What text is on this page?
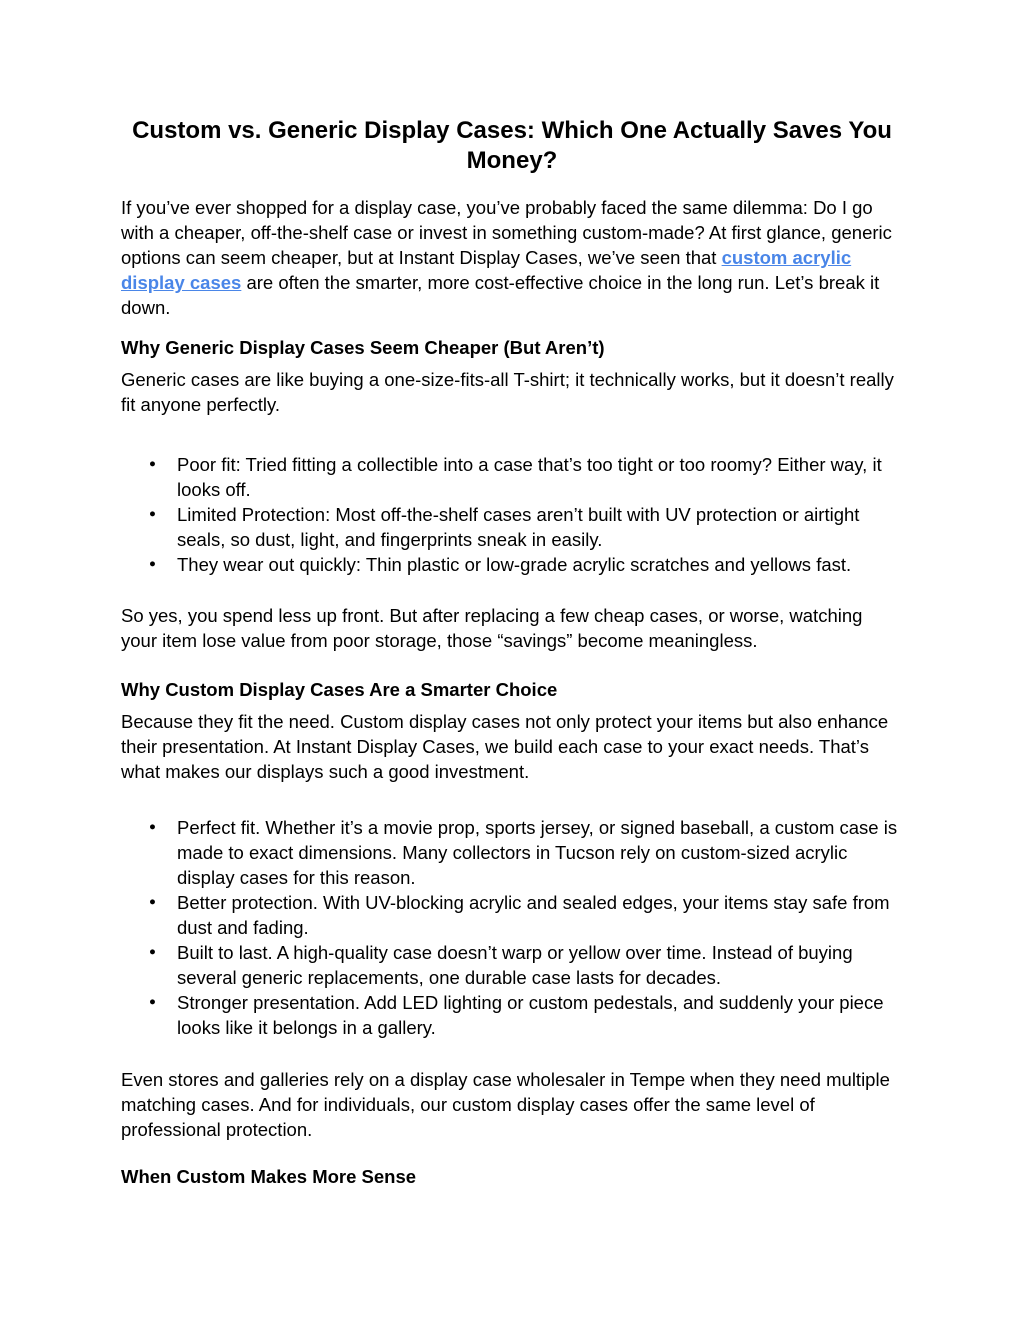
Custom vs. Generic Display Cases: Which One Actually Saves You Money?

If you’ve ever shopped for a display case, you’ve probably faced the same dilemma: Do I go with a cheaper, off-the-shelf case or invest in something custom-made? At first glance, generic options can seem cheaper, but at Instant Display Cases, we’ve seen that custom acrylic display cases are often the smarter, more cost-effective choice in the long run. Let’s break it down.

Why Generic Display Cases Seem Cheaper (But Aren’t)

Generic cases are like buying a one-size-fits-all T-shirt; it technically works, but it doesn’t really fit anyone perfectly.

● Poor fit: Tried fitting a collectible into a case that’s too tight or too roomy? Either way, it looks off.
● Limited Protection: Most off-the-shelf cases aren’t built with UV protection or airtight seals, so dust, light, and fingerprints sneak in easily.
● They wear out quickly: Thin plastic or low-grade acrylic scratches and yellows fast.

So yes, you spend less up front. But after replacing a few cheap cases, or worse, watching your item lose value from poor storage, those “savings” become meaningless.

Why Custom Display Cases Are a Smarter Choice

Because they fit the need. Custom display cases not only protect your items but also enhance their presentation. At Instant Display Cases, we build each case to your exact needs. That’s what makes our displays such a good investment.

● Perfect fit. Whether it’s a movie prop, sports jersey, or signed baseball, a custom case is made to exact dimensions. Many collectors in Tucson rely on custom-sized acrylic display cases for this reason.
● Better protection. With UV-blocking acrylic and sealed edges, your items stay safe from dust and fading.
● Built to last. A high-quality case doesn’t warp or yellow over time. Instead of buying several generic replacements, one durable case lasts for decades.
● Stronger presentation. Add LED lighting or custom pedestals, and suddenly your piece looks like it belongs in a gallery.

Even stores and galleries rely on a display case wholesaler in Tempe when they need multiple matching cases. And for individuals, our custom display cases offer the same level of professional protection.

When Custom Makes More Sense
